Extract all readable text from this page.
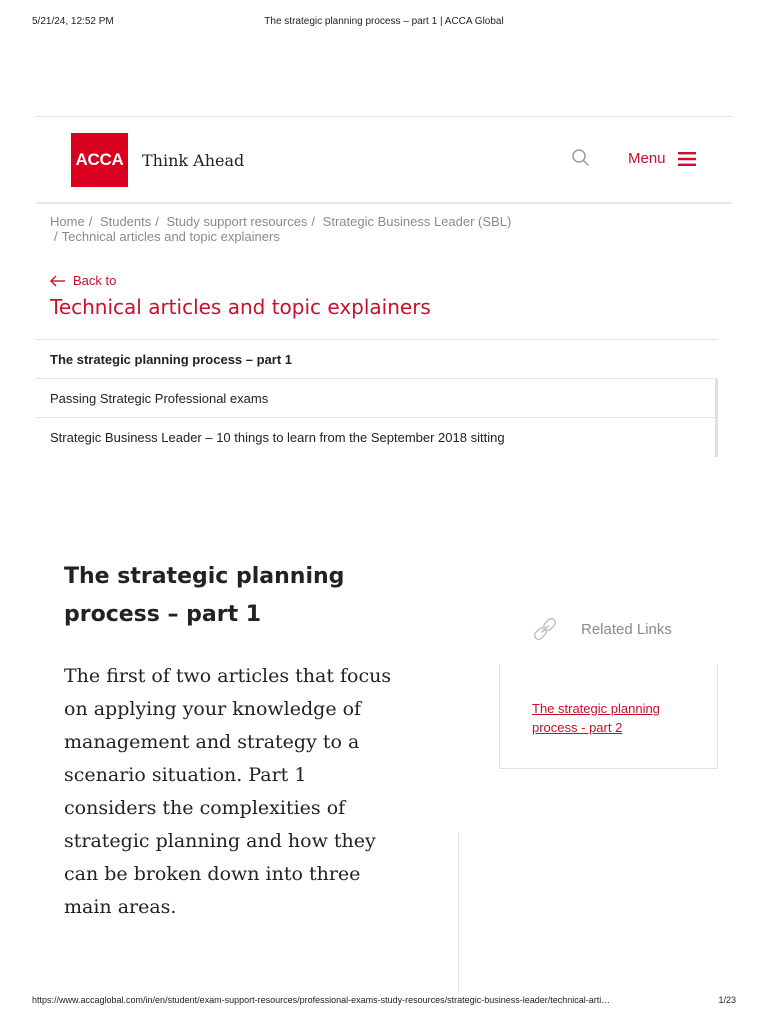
5/21/24, 12:52 PM	The strategic planning process – part 1 | ACCA Global
ACCA Think Ahead	Menu
Home / Students / Study support resources / Strategic Business Leader (SBL)
/ Technical articles and topic explainers
Back to
Technical articles and topic explainers
The strategic planning process – part 1
Passing Strategic Professional exams
Strategic Business Leader – 10 things to learn from the September 2018 sitting
The strategic planning process – part 1

The first of two articles that focus on applying your knowledge of management and strategy to a scenario situation. Part 1 considers the complexities of strategic planning and how they can be broken down into three main areas.

Related Links
The strategic planning process - part 2
https://www.accaglobal.com/in/en/student/exam-support-resources/professional-exams-study-resources/strategic-business-leader/technical-arti…	1/23
